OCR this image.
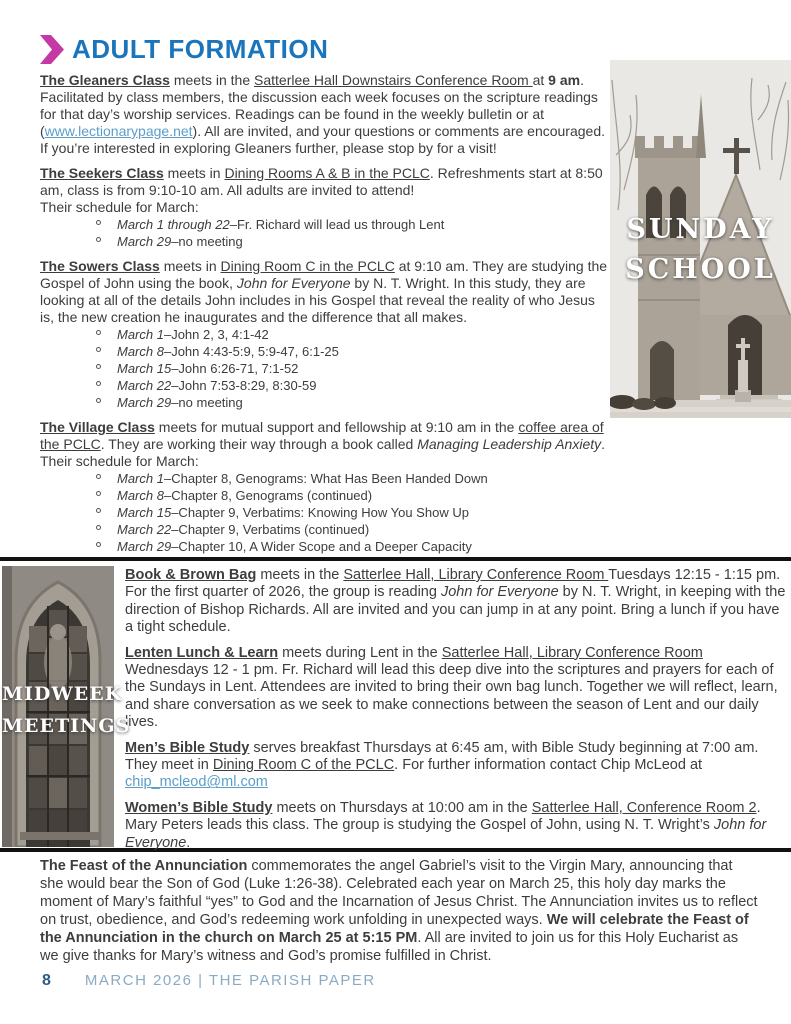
ADULT FORMATION
SUNDAY
SCHOOL

The Gleaners Class meets in the Satterlee Hall Downstairs Conference Room at 9 am. Facilitated by class members, the discussion each week focuses on the scripture readings for that day’s worship services. Readings can be found in the weekly bulletin or at (www.lectionarypage.net). All are invited, and your questions or comments are encouraged. If you’re interested in exploring Gleaners further, please stop by for a visit!

The Seekers Class meets in Dining Rooms A & B in the PCLC. Refreshments start at 8:50 am, class is from 9:10-10 am. All adults are invited to attend!

Their schedule for March:
March 1 through 22–Fr. Richard will lead us through Lent
March 29–no meeting

The Sowers Class meets in Dining Room C in the PCLC at 9:10 am. They are studying the Gospel of John using the book, John for Everyone by N. T. Wright. In this study, they are looking at all of the details John includes in his Gospel that reveal the reality of who Jesus is, the new creation he inaugurates and the difference that all makes.

March 1–John 2, 3, 4:1-42
March 8–John 4:43-5:9, 5:9-47, 6:1-25
March 15–John 6:26-71, 7:1-52
March 22–John 7:53-8:29, 8:30-59
March 29–no meeting

The Village Class meets for mutual support and fellowship at 9:10 am in the coffee area of the PCLC. They are working their way through a book called Managing Leadership Anxiety. Their schedule for March:

March 1–Chapter 8, Genograms: What Has Been Handed Down
March 8–Chapter 8, Genograms (continued)
March 15–Chapter 9, Verbatims: Knowing How You Show Up
March 22–Chapter 9, Verbatims (continued)
March 29–Chapter 10, A Wider Scope and a Deeper Capacity
MIDWEEK
MEETINGS

Book & Brown Bag meets in the Satterlee Hall, Library Conference Room Tuesdays 12:15 - 1:15 pm. For the first quarter of 2026, the group is reading John for Everyone by N. T. Wright, in keeping with the direction of Bishop Richards. All are invited and you can jump in at any point. Bring a lunch if you have a tight schedule.

Lenten Lunch & Learn meets during Lent in the Satterlee Hall, Library Conference Room Wednesdays 12 - 1 pm. Fr. Richard will lead this deep dive into the scriptures and prayers for each of the Sundays in Lent. Attendees are invited to bring their own bag lunch. Together we will reflect, learn, and share conversation as we seek to make connections between the season of Lent and our daily lives.

Men’s Bible Study serves breakfast Thursdays at 6:45 am, with Bible Study beginning at 7:00 am. They meet in Dining Room C of the PCLC. For further information contact Chip McLeod at chip_mcleod@ml.com

Women’s Bible Study meets on Thursdays at 10:00 am in the Satterlee Hall, Conference Room 2. Mary Peters leads this class. The group is studying the Gospel of John, using N. T. Wright’s John for Everyone.

The Feast of the Annunciation commemorates the angel Gabriel’s visit to the Virgin Mary, announcing that she would bear the Son of God (Luke 1:26-38). Celebrated each year on March 25, this holy day marks the moment of Mary’s faithful “yes” to God and the Incarnation of Jesus Christ. The Annunciation invites us to reflect on trust, obedience, and God’s redeeming work unfolding in unexpected ways. We will celebrate the Feast of the Annunciation in the church on March 25 at 5:15 PM. All are invited to join us for this Holy Eucharist as we give thanks for Mary’s witness and God’s promise fulfilled in Christ.

8 MARCH 2026 | THE PARISH PAPER
